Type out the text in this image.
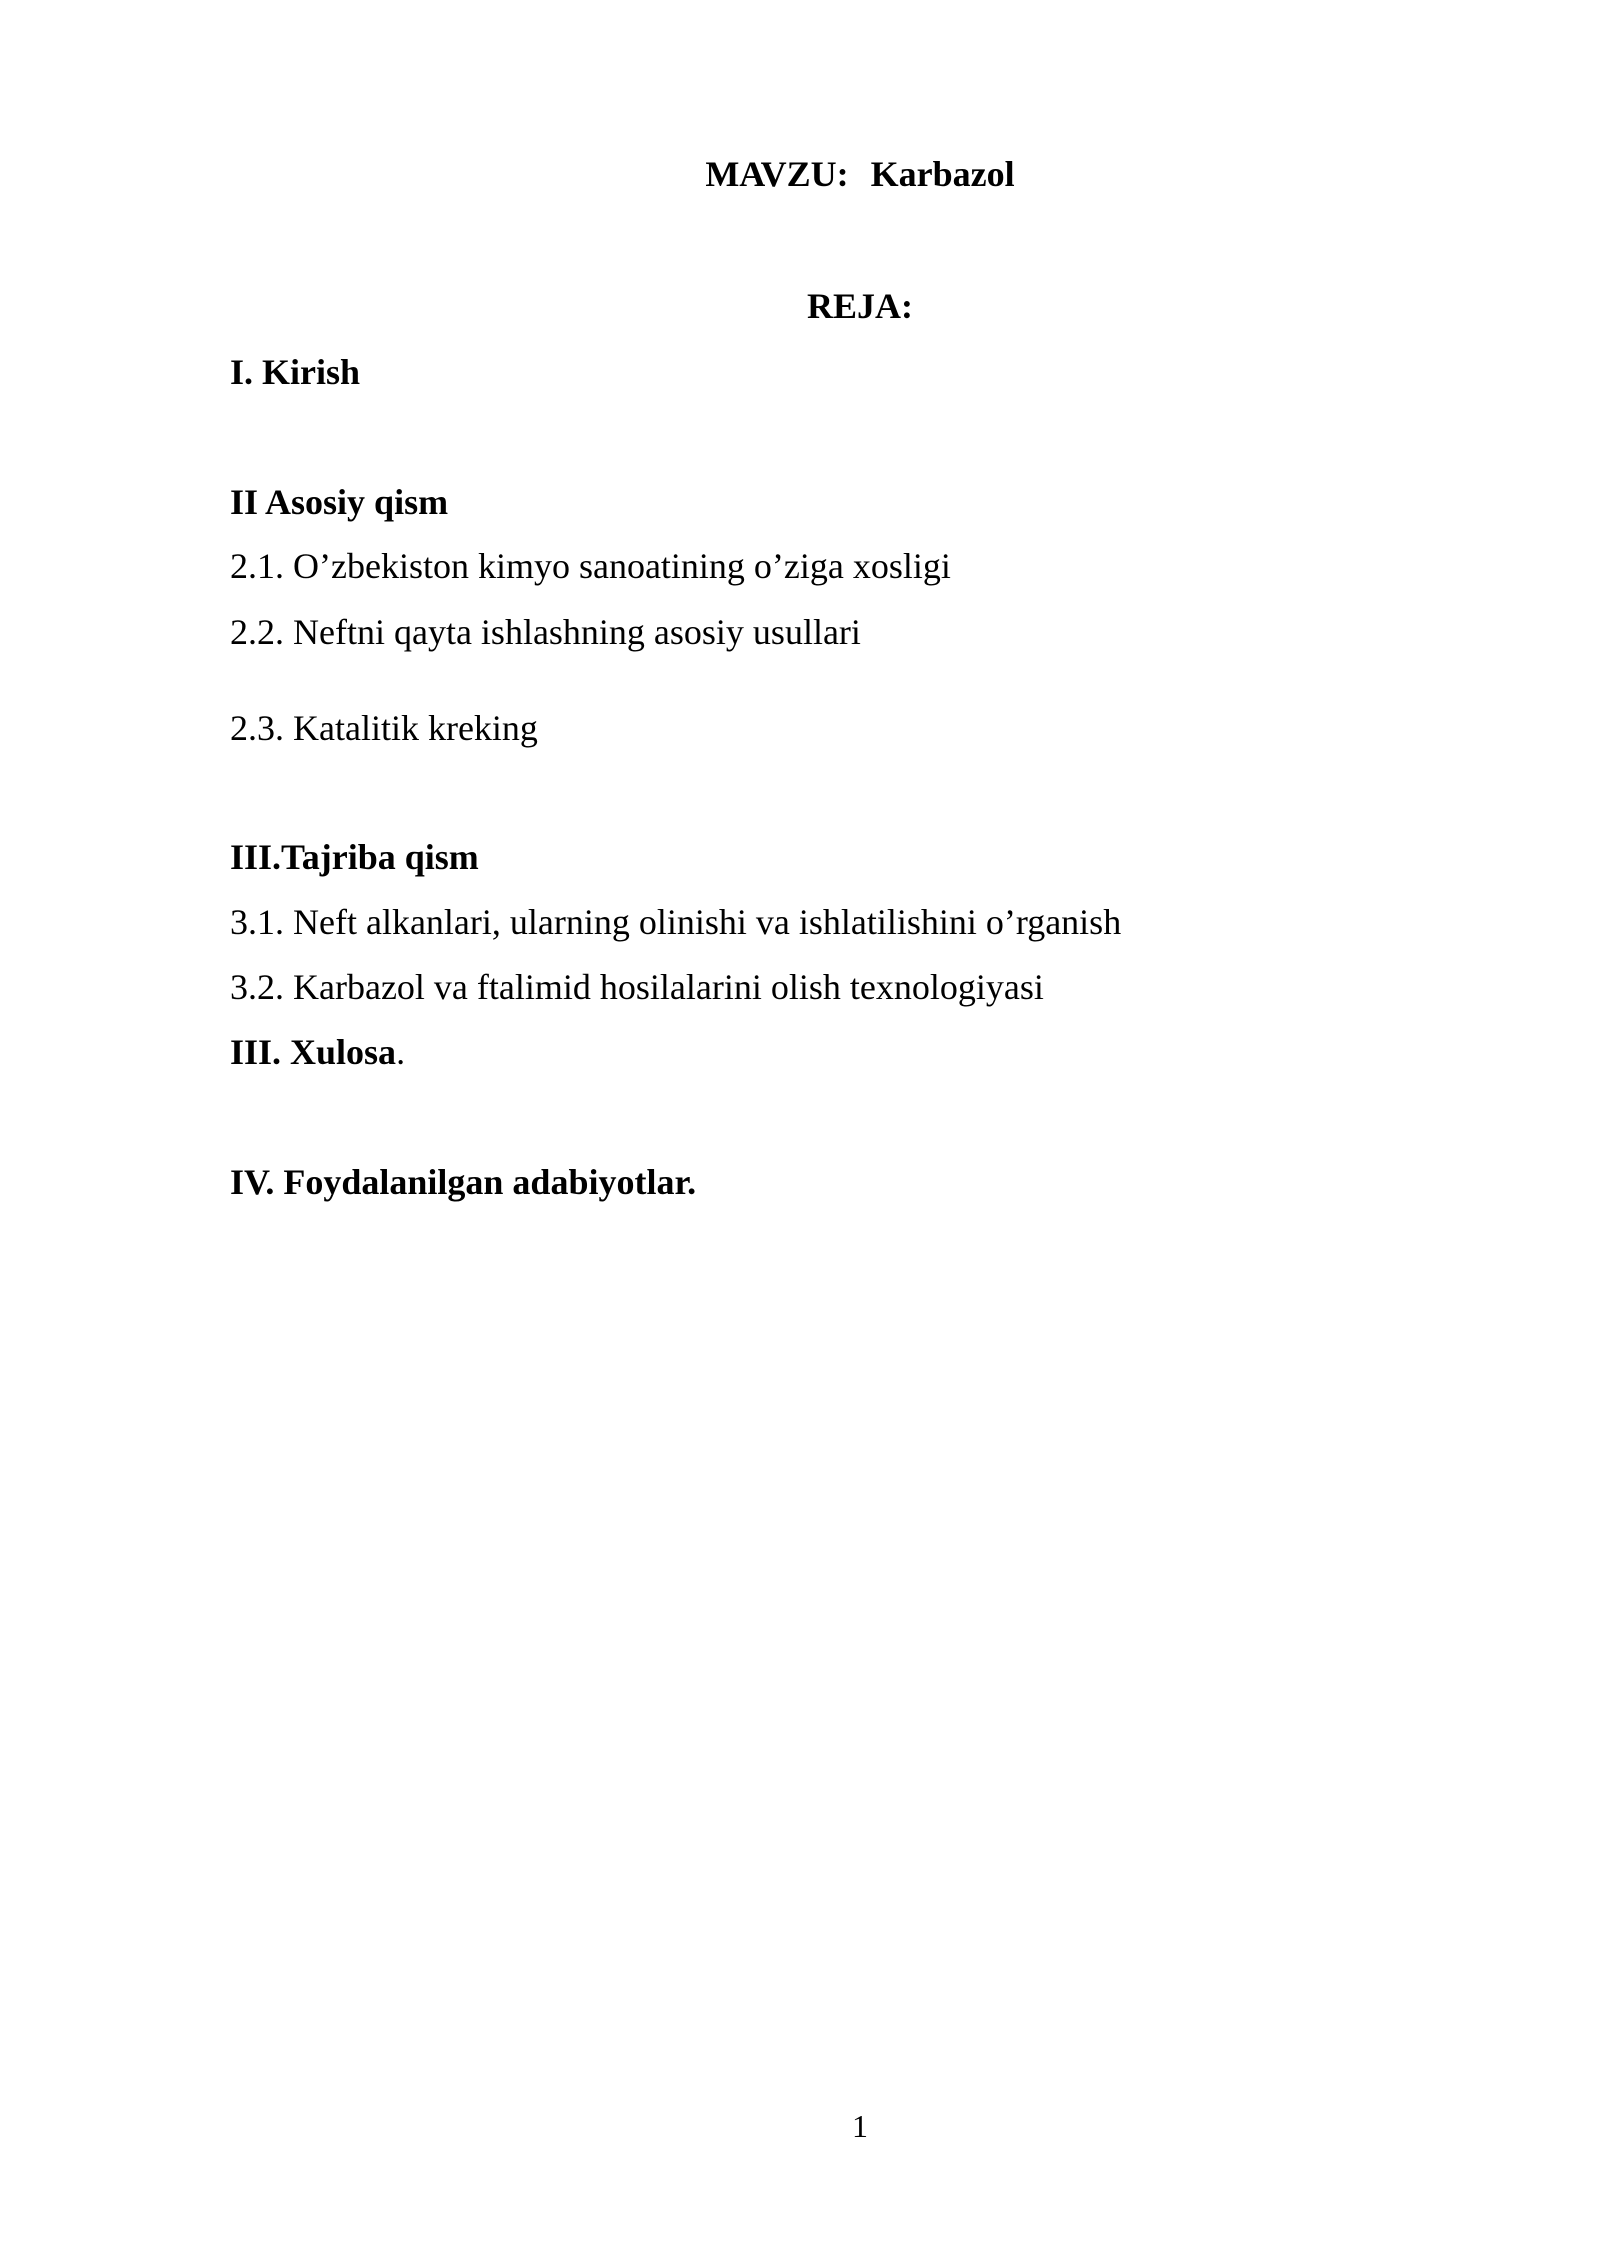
MAVZU: Karbazol
REJA:
I. Kirish
II Asosiy qism
2.1. O’zbekiston kimyo sanoatining o’ziga xosligi
2.2. Neftni qayta ishlashning asosiy usullari
2.3. Katalitik kreking
III.Tajriba qism
3.1. Neft alkanlari, ularning olinishi va ishlatilishini o’rganish
3.2. Karbazol va ftalimid hosilalarini olish texnologiyasi
III. Xulosa.
IV. Foydalanilgan adabiyotlar.
1
